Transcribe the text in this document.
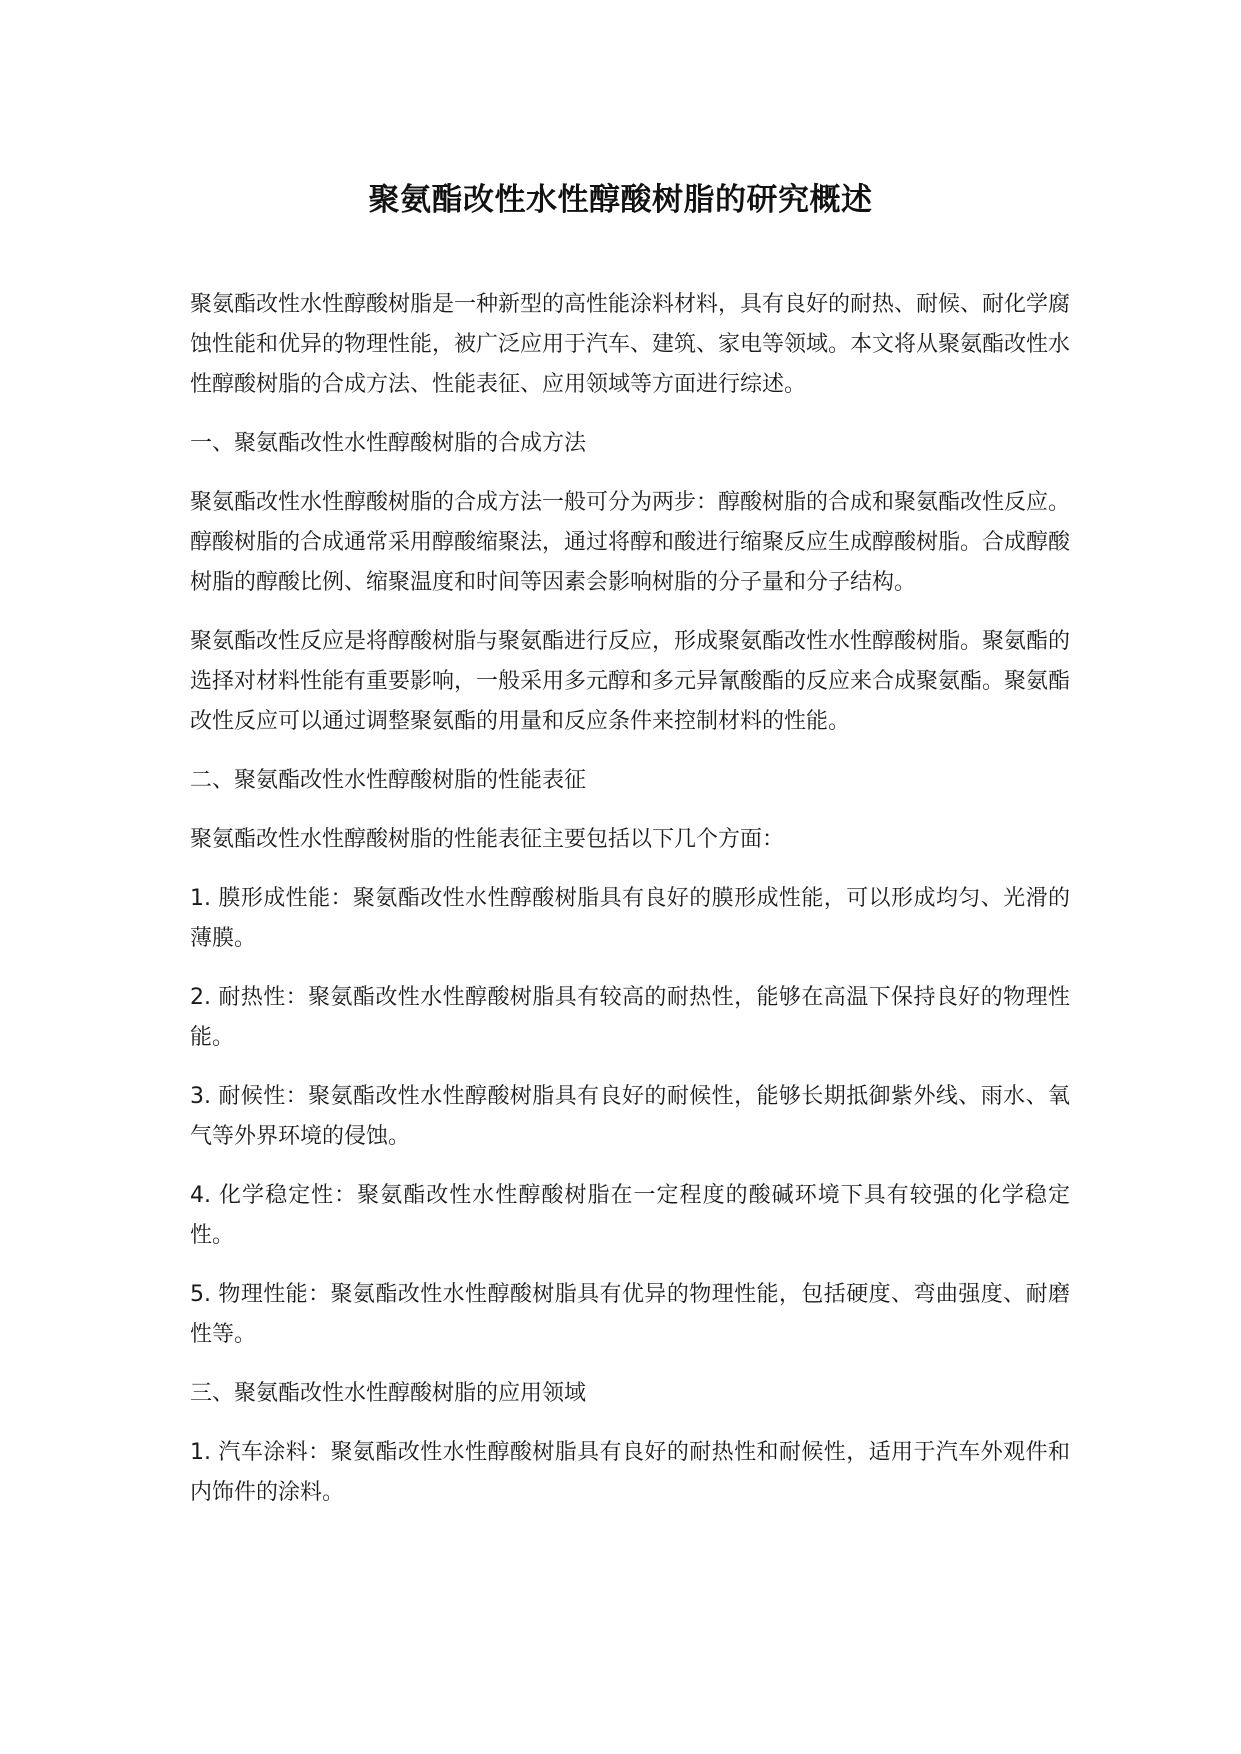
聚氨酯改性水性醇酸树脂的研究概述

聚氨酯改性水性醇酸树脂是一种新型的高性能涂料材料，具有良好的耐热、耐候、耐化学腐蚀性能和优异的物理性能，被广泛应用于汽车、建筑、家电等领域。本文将从聚氨酯改性水性醇酸树脂的合成方法、性能表征、应用领域等方面进行综述。

一、聚氨酯改性水性醇酸树脂的合成方法

聚氨酯改性水性醇酸树脂的合成方法一般可分为两步：醇酸树脂的合成和聚氨酯改性反应。醇酸树脂的合成通常采用醇酸缩聚法，通过将醇和酸进行缩聚反应生成醇酸树脂。合成醇酸树脂的醇酸比例、缩聚温度和时间等因素会影响树脂的分子量和分子结构。

聚氨酯改性反应是将醇酸树脂与聚氨酯进行反应，形成聚氨酯改性水性醇酸树脂。聚氨酯的选择对材料性能有重要影响，一般采用多元醇和多元异氰酸酯的反应来合成聚氨酯。聚氨酯改性反应可以通过调整聚氨酯的用量和反应条件来控制材料的性能。

二、聚氨酯改性水性醇酸树脂的性能表征

聚氨酯改性水性醇酸树脂的性能表征主要包括以下几个方面：

1. 膜形成性能：聚氨酯改性水性醇酸树脂具有良好的膜形成性能，可以形成均匀、光滑的薄膜。

2. 耐热性：聚氨酯改性水性醇酸树脂具有较高的耐热性，能够在高温下保持良好的物理性能。

3. 耐候性：聚氨酯改性水性醇酸树脂具有良好的耐候性，能够长期抵御紫外线、雨水、氧气等外界环境的侵蚀。

4. 化学稳定性：聚氨酯改性水性醇酸树脂在一定程度的酸碱环境下具有较强的化学稳定性。

5. 物理性能：聚氨酯改性水性醇酸树脂具有优异的物理性能，包括硬度、弯曲强度、耐磨性等。

三、聚氨酯改性水性醇酸树脂的应用领域

1. 汽车涂料：聚氨酯改性水性醇酸树脂具有良好的耐热性和耐候性，适用于汽车外观件和内饰件的涂料。
